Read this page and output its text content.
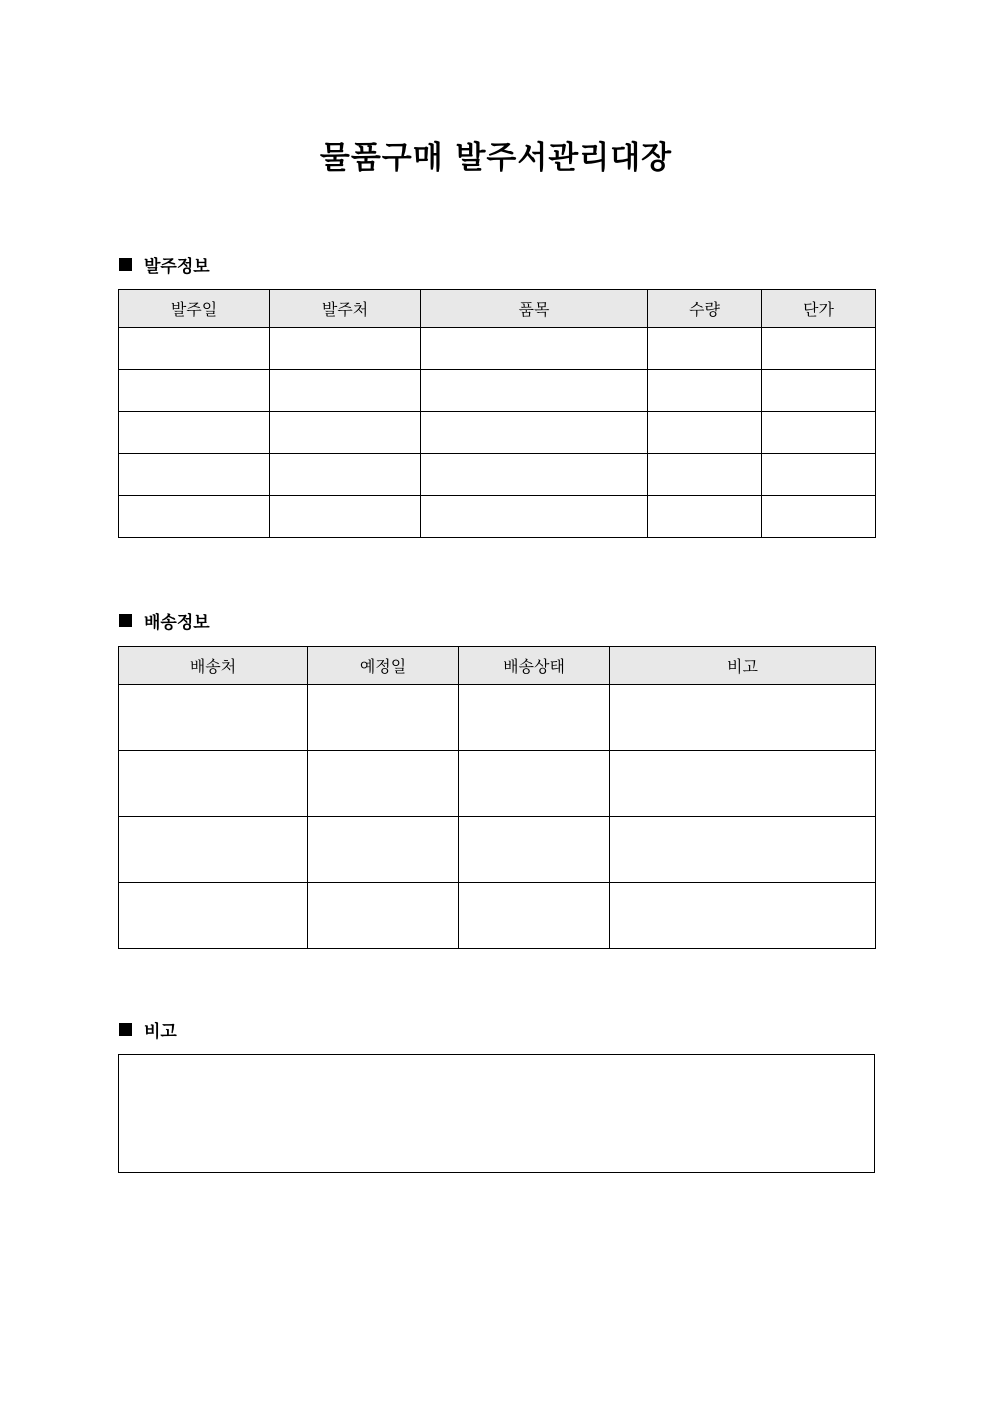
물품구매 발주서관리대장
발주정보
발주일	발주처	품목	수량	단가

배송정보
배송처	예정일	배송상태	비고

비고
